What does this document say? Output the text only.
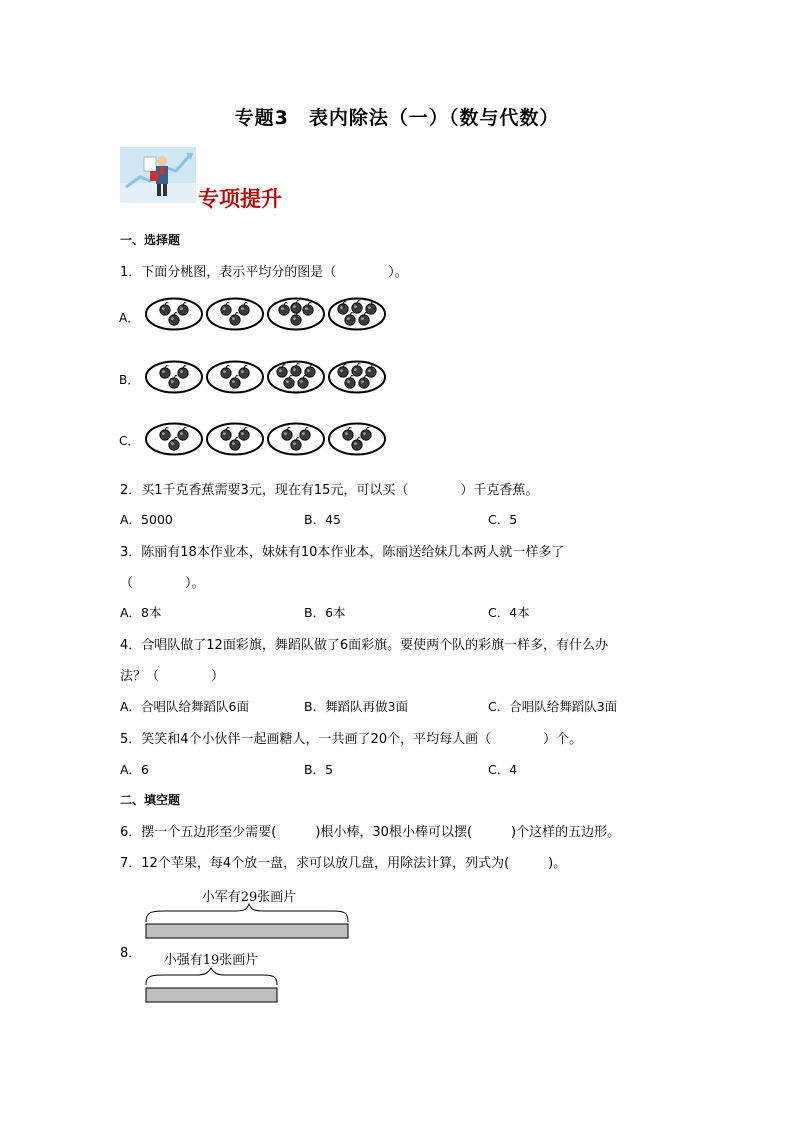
专题3　表内除法（一）（数与代数）
专项提升
一、选择题
1．下面分桃图，表示平均分的图是（　　　　）。
A．
B．
C．
2．买1千克香蕉需要3元，现在有15元，可以买（　　　　）千克香蕉。
A．5000	B．45	C．5
3．陈丽有18本作业本，妹妹有10本作业本，陈丽送给妹几本两人就一样多了
（　　　　）。
A．8本	B．6本	C．4本
4．合唱队做了12面彩旗，舞蹈队做了6面彩旗。要使两个队的彩旗一样多，有什么办
法？（　　　　）
A．合唱队给舞蹈队6面	B．舞蹈队再做3面	C．合唱队给舞蹈队3面
5．笑笑和4个小伙伴一起画糖人，一共画了20个，平均每人画（　　　　）个。
A．6	B．5	C．4
二、填空题
6．摆一个五边形至少需要(　　　)根小棒，30根小棒可以摆(　　　)个这样的五边形。
7．12个苹果，每4个放一盘，求可以放几盘，用除法计算，列式为(　　　)。
8．
小军有29张画片
小强有19张画片
